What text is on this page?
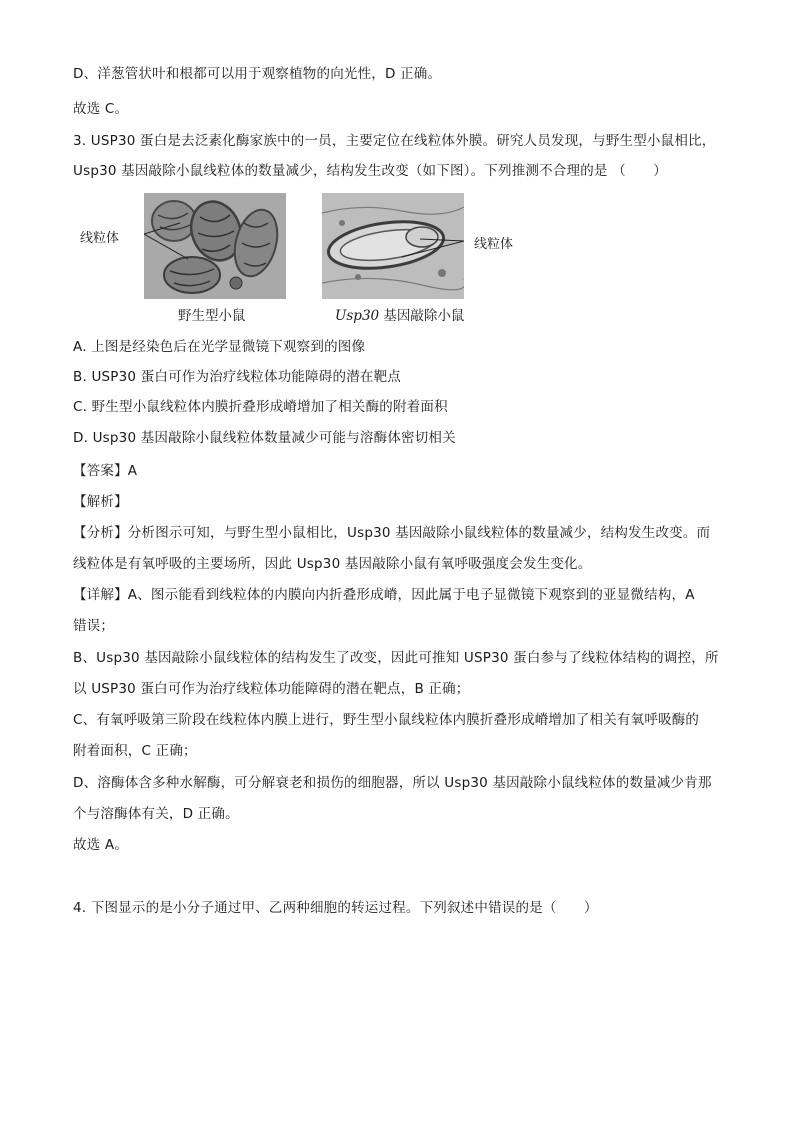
D、洋葱管状叶和根都可以用于观察植物的向光性，D 正确。
故选 C。
3. USP30 蛋白是去泛素化酶家族中的一员，主要定位在线粒体外膜。研究人员发现，与野生型小鼠相比，
Usp30 基因敲除小鼠线粒体的数量减少，结构发生改变（如下图）。下列推测不合理的是 （　　）
线粒体	线粒体
野生型小鼠	Usp30 基因敲除小鼠
A. 上图是经染色后在光学显微镜下观察到的图像
B. USP30 蛋白可作为治疗线粒体功能障碍的潜在靶点
C. 野生型小鼠线粒体内膜折叠形成嵴增加了相关酶的附着面积
D. Usp30 基因敲除小鼠线粒体数量减少可能与溶酶体密切相关
【答案】A
【解析】
【分析】分析图示可知，与野生型小鼠相比，Usp30 基因敲除小鼠线粒体的数量减少，结构发生改变。而
线粒体是有氧呼吸的主要场所，因此 Usp30 基因敲除小鼠有氧呼吸强度会发生变化。
【详解】A、图示能看到线粒体的内膜向内折叠形成嵴，因此属于电子显微镜下观察到的亚显微结构，A
错误；
B、Usp30 基因敲除小鼠线粒体的结构发生了改变，因此可推知 USP30 蛋白参与了线粒体结构的调控，所
以 USP30 蛋白可作为治疗线粒体功能障碍的潜在靶点，B 正确；
C、有氧呼吸第三阶段在线粒体内膜上进行，野生型小鼠线粒体内膜折叠形成嵴增加了相关有氧呼吸酶的
附着面积，C 正确；
D、溶酶体含多种水解酶，可分解衰老和损伤的细胞器，所以 Usp30 基因敲除小鼠线粒体的数量减少肯那
个与溶酶体有关，D 正确。
故选 A。
4. 下图显示的是小分子通过甲、乙两种细胞的转运过程。下列叙述中错误的是（　　）
